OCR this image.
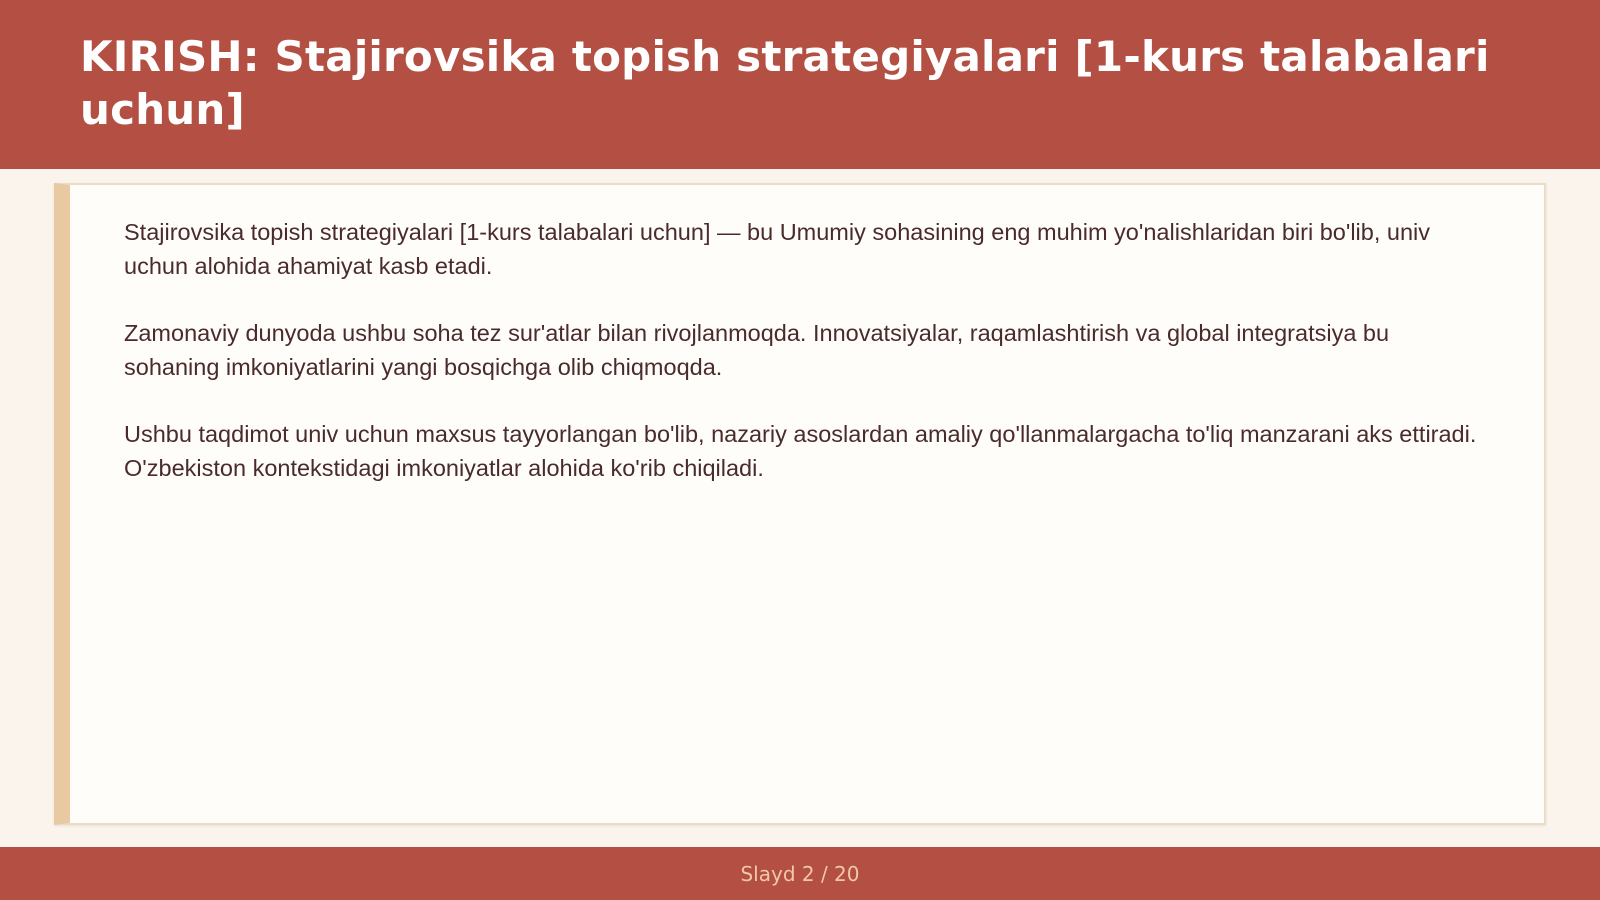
KIRISH: Stajirovsika topish strategiyalari [1-kurs talabalari uchun]

Stajirovsika topish strategiyalari [1-kurs talabalari uchun] — bu Umumiy sohasining eng muhim yo'nalishlaridan biri bo'lib, univ uchun alohida ahamiyat kasb etadi.

Zamonaviy dunyoda ushbu soha tez sur'atlar bilan rivojlanmoqda. Innovatsiyalar, raqamlashtirish va global integratsiya bu sohaning imkoniyatlarini yangi bosqichga olib chiqmoqda.

Ushbu taqdimot univ uchun maxsus tayyorlangan bo'lib, nazariy asoslardan amaliy qo'llanmalargacha to'liq manzarani aks ettiradi. O'zbekiston kontekstidagi imkoniyatlar alohida ko'rib chiqiladi.

Slayd 2 / 20
